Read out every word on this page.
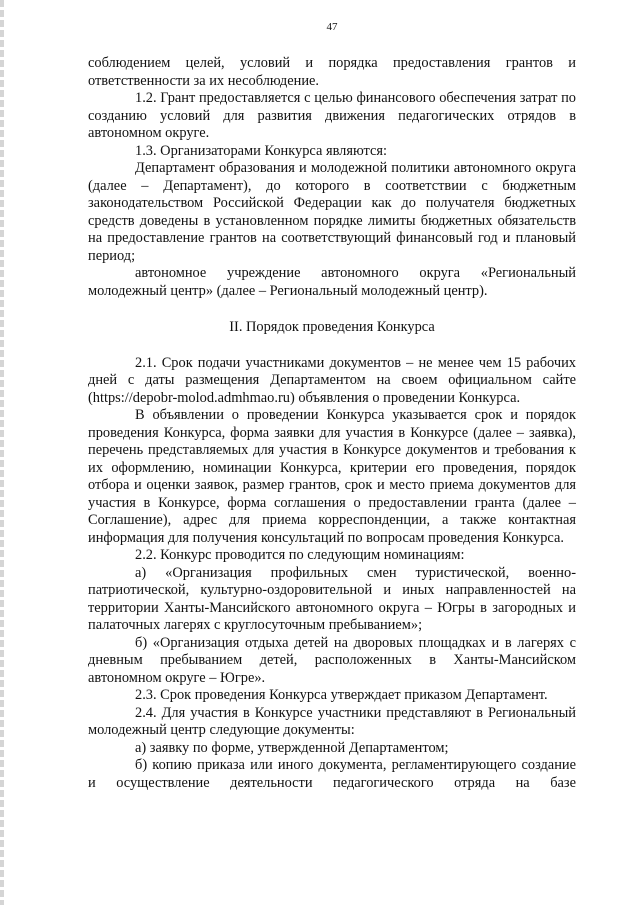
47

соблюдением целей, условий и порядка предоставления грантов и ответственности за их несоблюдение.

1.2. Грант предоставляется с целью финансового обеспечения затрат по созданию условий для развития движения педагогических отрядов в автономном округе.

1.3. Организаторами Конкурса являются:

Департамент образования и молодежной политики автономного округа (далее – Департамент), до которого в соответствии с бюджетным законодательством Российской Федерации как до получателя бюджетных средств доведены в установленном порядке лимиты бюджетных обязательств на предоставление грантов на соответствующий финансовый год и плановый период;

автономное учреждение автономного округа «Региональный молодежный центр» (далее – Региональный молодежный центр).

II. Порядок проведения Конкурса

2.1. Срок подачи участниками документов – не менее чем 15 рабочих дней с даты размещения Департаментом на своем официальном сайте (https://depobr-molod.admhmao.ru) объявления о проведении Конкурса.

В объявлении о проведении Конкурса указывается срок и порядок проведения Конкурса, форма заявки для участия в Конкурсе (далее – заявка), перечень представляемых для участия в Конкурсе документов и требования к их оформлению, номинации Конкурса, критерии его проведения, порядок отбора и оценки заявок, размер грантов, срок и место приема документов для участия в Конкурсе, форма соглашения о предоставлении гранта (далее – Соглашение), адрес для приема корреспонденции, а также контактная информация для получения консультаций по вопросам проведения Конкурса.

2.2. Конкурс проводится по следующим номинациям:

а) «Организация профильных смен туристической, военно-патриотической, культурно-оздоровительной и иных направленностей на территории Ханты-Мансийского автономного округа – Югры в загородных и палаточных лагерях с круглосуточным пребыванием»;

б) «Организация отдыха детей на дворовых площадках и в лагерях с дневным пребыванием детей, расположенных в Ханты-Мансийском автономном округе – Югре».

2.3. Срок проведения Конкурса утверждает приказом Департамент.

2.4. Для участия в Конкурсе участники представляют в Региональный молодежный центр следующие документы:

а) заявку по форме, утвержденной Департаментом;

б) копию приказа или иного документа, регламентирующего создание и осуществление деятельности педагогического отряда на базе
